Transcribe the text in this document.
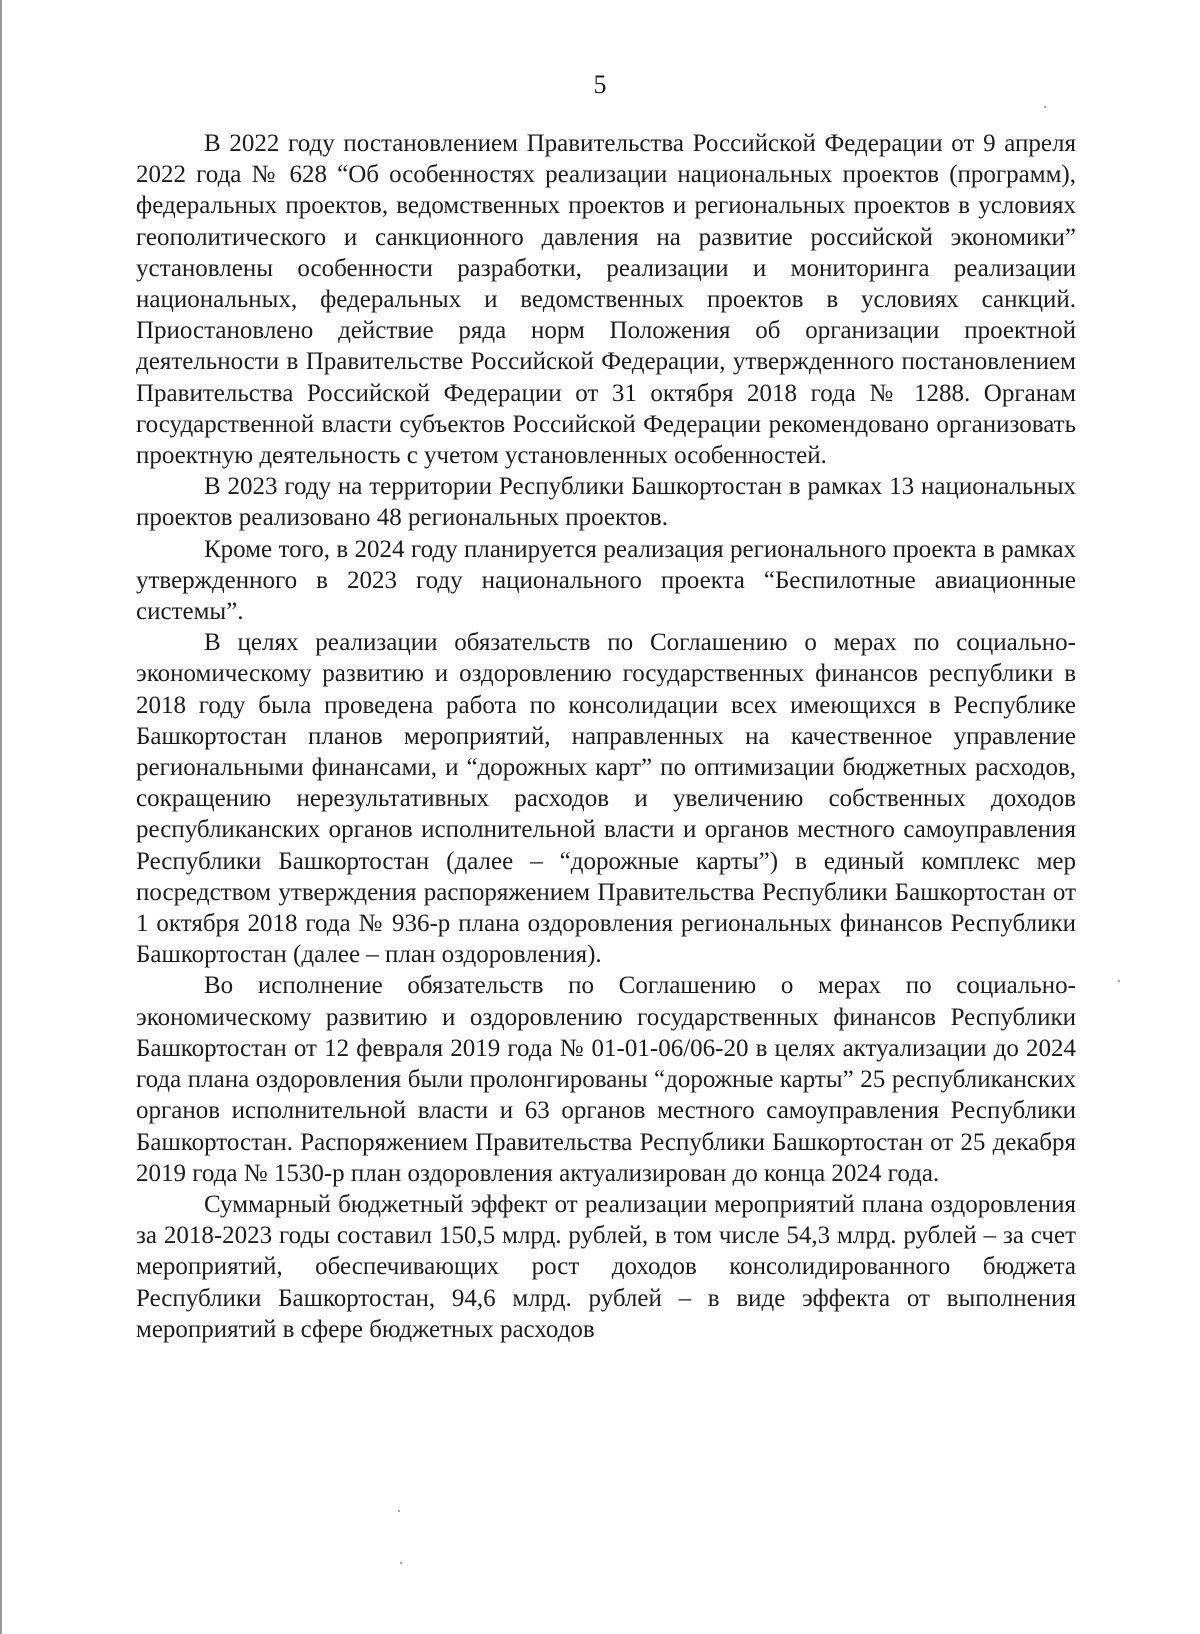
5

В 2022 году постановлением Правительства Российской Федерации от 9 апреля 2022 года № 628 “Об особенностях реализации национальных проектов (программ), федеральных проектов, ведомственных проектов и региональных проектов в условиях геополитического и санкционного давления на развитие российской экономики” установлены особенности разработки, реализации и мониторинга реализации национальных, федеральных и ведомственных проектов в условиях санкций. Приостановлено действие ряда норм Положения об организации проектной деятельности в Правительстве Российской Федерации, утвержденного постановлением Правительства Российской Федерации от 31 октября 2018 года № 1288. Органам государственной власти субъектов Российской Федерации рекомендовано организовать проектную деятельность с учетом установленных особенностей.

В 2023 году на территории Республики Башкортостан в рамках 13 национальных проектов реализовано 48 региональных проектов.

Кроме того, в 2024 году планируется реализация регионального проекта в рамках утвержденного в 2023 году национального проекта “Беспилотные авиационные системы”.

В целях реализации обязательств по Соглашению о мерах по социально-экономическому развитию и оздоровлению государственных финансов республики в 2018 году была проведена работа по консолидации всех имеющихся в Республике Башкортостан планов мероприятий, направленных на качественное управление региональными финансами, и “дорожных карт” по оптимизации бюджетных расходов, сокращению нерезультативных расходов и увеличению собственных доходов республиканских органов исполнительной власти и органов местного самоуправления Республики Башкортостан (далее – “дорожные карты”) в единый комплекс мер посредством утверждения распоряжением Правительства Республики Башкортостан от 1 октября 2018 года № 936-р плана оздоровления региональных финансов Республики Башкортостан (далее – план оздоровления).

Во исполнение обязательств по Соглашению о мерах по социально-экономическому развитию и оздоровлению государственных финансов Республики Башкортостан от 12 февраля 2019 года № 01-01-06/06-20 в целях актуализации до 2024 года плана оздоровления были пролонгированы “дорожные карты” 25 республиканских органов исполнительной власти и 63 органов местного самоуправления Республики Башкортостан. Распоряжением Правительства Республики Башкортостан от 25 декабря 2019 года № 1530-р план оздоровления актуализирован до конца 2024 года.

Суммарный бюджетный эффект от реализации мероприятий плана оздоровления за 2018-2023 годы составил 150,5 млрд. рублей, в том числе 54,3 млрд. рублей – за счет мероприятий, обеспечивающих рост доходов консолидированного бюджета Республики Башкортостан, 94,6 млрд. рублей – в виде эффекта от выполнения мероприятий в сфере бюджетных расходов
